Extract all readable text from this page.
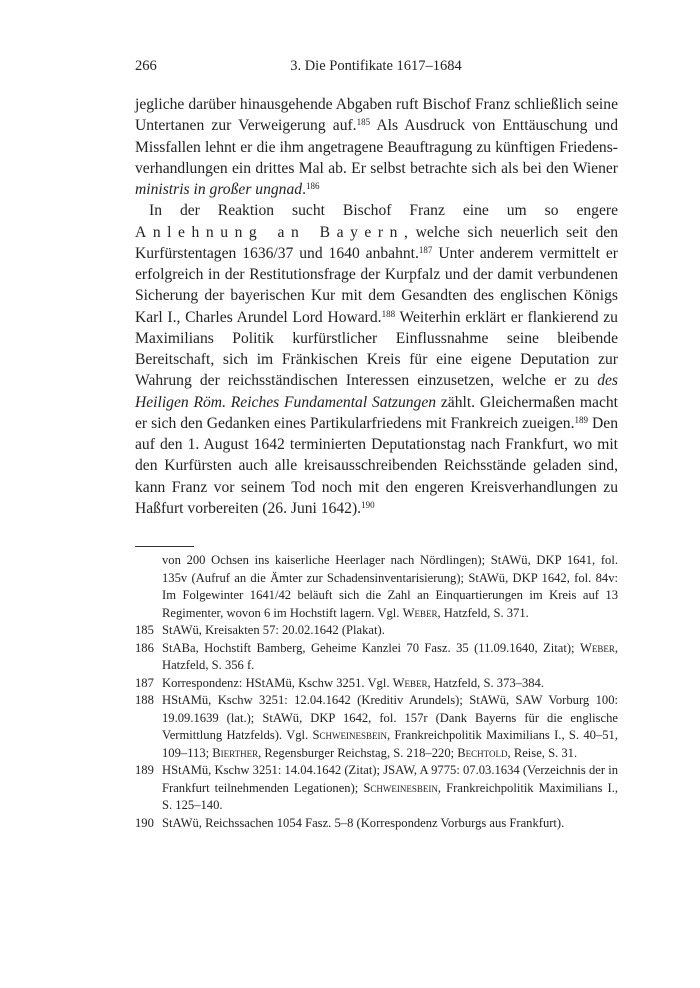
266	3. Die Pontifikate 1617–1684

jegliche darüber hinausgehende Abgaben ruft Bischof Franz schließlich seine Untertanen zur Verweigerung auf.$^{185}$ Als Ausdruck von Enttäuschung und Missfallen lehnt er die ihm angetragene Beauftragung zu künftigen Friedensverhandlungen ein drittes Mal ab. Er selbst betrachte sich als bei den Wiener ministris in großer ungnad.$^{186}$

In der Reaktion sucht Bischof Franz eine um so engere Anlehnung an Bayern, welche sich neuerlich seit den Kurfürstentagen 1636/37 und 1640 anbahnt.$^{187}$ Unter anderem vermittelt er erfolgreich in der Restitutionsfrage der Kurpfalz und der damit verbundenen Sicherung der bayerischen Kur mit dem Gesandten des englischen Königs Karl I., Charles Arundel Lord Howard.$^{188}$ Weiterhin erklärt er flankierend zu Maximilians Politik kurfürstlicher Einflussnahme seine bleibende Bereitschaft, sich im Fränkischen Kreis für eine eigene Deputation zur Wahrung der reichsständischen Interessen einzusetzen, welche er zu des Heiligen Röm. Reiches Fundamental Satzungen zählt. Gleichermaßen macht er sich den Gedanken eines Partikularfriedens mit Frankreich zueigen.$^{189}$ Den auf den 1. August 1642 terminierten Deputationstag nach Frankfurt, wo mit den Kurfürsten auch alle kreisausschreibenden Reichsstände geladen sind, kann Franz vor seinem Tod noch mit den engeren Kreisverhandlungen zu Haßfurt vorbereiten (26. Juni 1642).$^{190}$

von 200 Ochsen ins kaiserliche Heerlager nach Nördlingen); StAWü, DKP 1641, fol. 135v (Aufruf an die Ämter zur Schadensinventarisierung); StAWü, DKP 1642, fol. 84v: Im Folgewinter 1641/42 beläuft sich die Zahl an Einquartierungen im Kreis auf 13 Regimenter, wovon 6 im Hochstift lagern. Vgl. Weber, Hatzfeld, S. 371.
185 StAWü, Kreisakten 57: 20.02.1642 (Plakat).
186 StABa, Hochstift Bamberg, Geheime Kanzlei 70 Fasz. 35 (11.09.1640, Zitat); Weber, Hatzfeld, S. 356 f.
187 Korrespondenz: HStAMü, Kschw 3251. Vgl. Weber, Hatzfeld, S. 373–384.
188 HStAMü, Kschw 3251: 12.04.1642 (Kreditiv Arundels); StAWü, SAW Vorburg 100: 19.09.1639 (lat.); StAWü, DKP 1642, fol. 157r (Dank Bayerns für die englische Vermittlung Hatzfelds). Vgl. Schweinesbein, Frankreichpolitik Maximilians I., S. 40–51, 109–113; Bierther, Regensburger Reichstag, S. 218–220; Bechtold, Reise, S. 31.
189 HStAMü, Kschw 3251: 14.04.1642 (Zitat); JSAW, A 9775: 07.03.1634 (Verzeichnis der in Frankfurt teilnehmenden Legationen); Schweinesbein, Frankreichpolitik Maximilians I., S. 125–140.
190 StAWü, Reichssachen 1054 Fasz. 5–8 (Korrespondenz Vorburgs aus Frankfurt).
